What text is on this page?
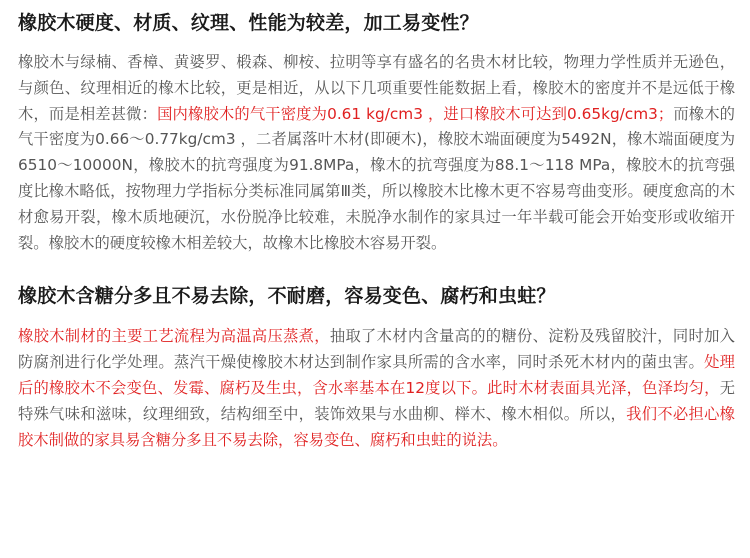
橡胶木硬度、材质、纹理、性能为较差，加工易变性？

橡胶木与绿楠、香樟、黄婆罗、椴森、柳桉、拉明等享有盛名的名贵木材比较，物理力学性质并无逊色，与颜色、纹理相近的橡木比较，更是相近，从以下几项重要性能数据上看，橡胶木的密度并不是远低于橡木，而是相差甚微：国内橡胶木的气干密度为0.61 kg/cm3 ，进口橡胶木可达到0.65kg/cm3；而橡木的气干密度为0.66～0.77kg/cm3 ，二者属落叶木材(即硬木)，橡胶木端面硬度为5492N，橡木端面硬度为6510～10000N，橡胶木的抗弯强度为91.8MPa，橡木的抗弯强度为88.1～118 MPa，橡胶木的抗弯强度比橡木略低，按物理力学指标分类标准同属第Ⅲ类，所以橡胶木比橡木更不容易弯曲变形。硬度愈高的木材愈易开裂，橡木质地硬沉，水份脱净比较难，未脱净水制作的家具过一年半载可能会开始变形或收缩开裂。橡胶木的硬度较橡木相差较大，故橡木比橡胶木容易开裂。

橡胶木含糖分多且不易去除，不耐磨，容易变色、腐朽和虫蛀？

橡胶木制材的主要工艺流程为高温高压蒸煮，抽取了木材内含量高的的糖份、淀粉及残留胶汁，同时加入防腐剂进行化学处理。蒸汽干燥使橡胶木材达到制作家具所需的含水率，同时杀死木材内的菌虫害。处理后的橡胶木不会变色、发霉、腐朽及生虫，含水率基本在12度以下。此时木材表面具光泽，色泽均匀，无特殊气味和滋味，纹理细致，结构细至中，装饰效果与水曲柳、榉木、橡木相似。所以，我们不必担心橡胶木制做的家具易含糖分多且不易去除，容易变色、腐朽和虫蛀的说法。
